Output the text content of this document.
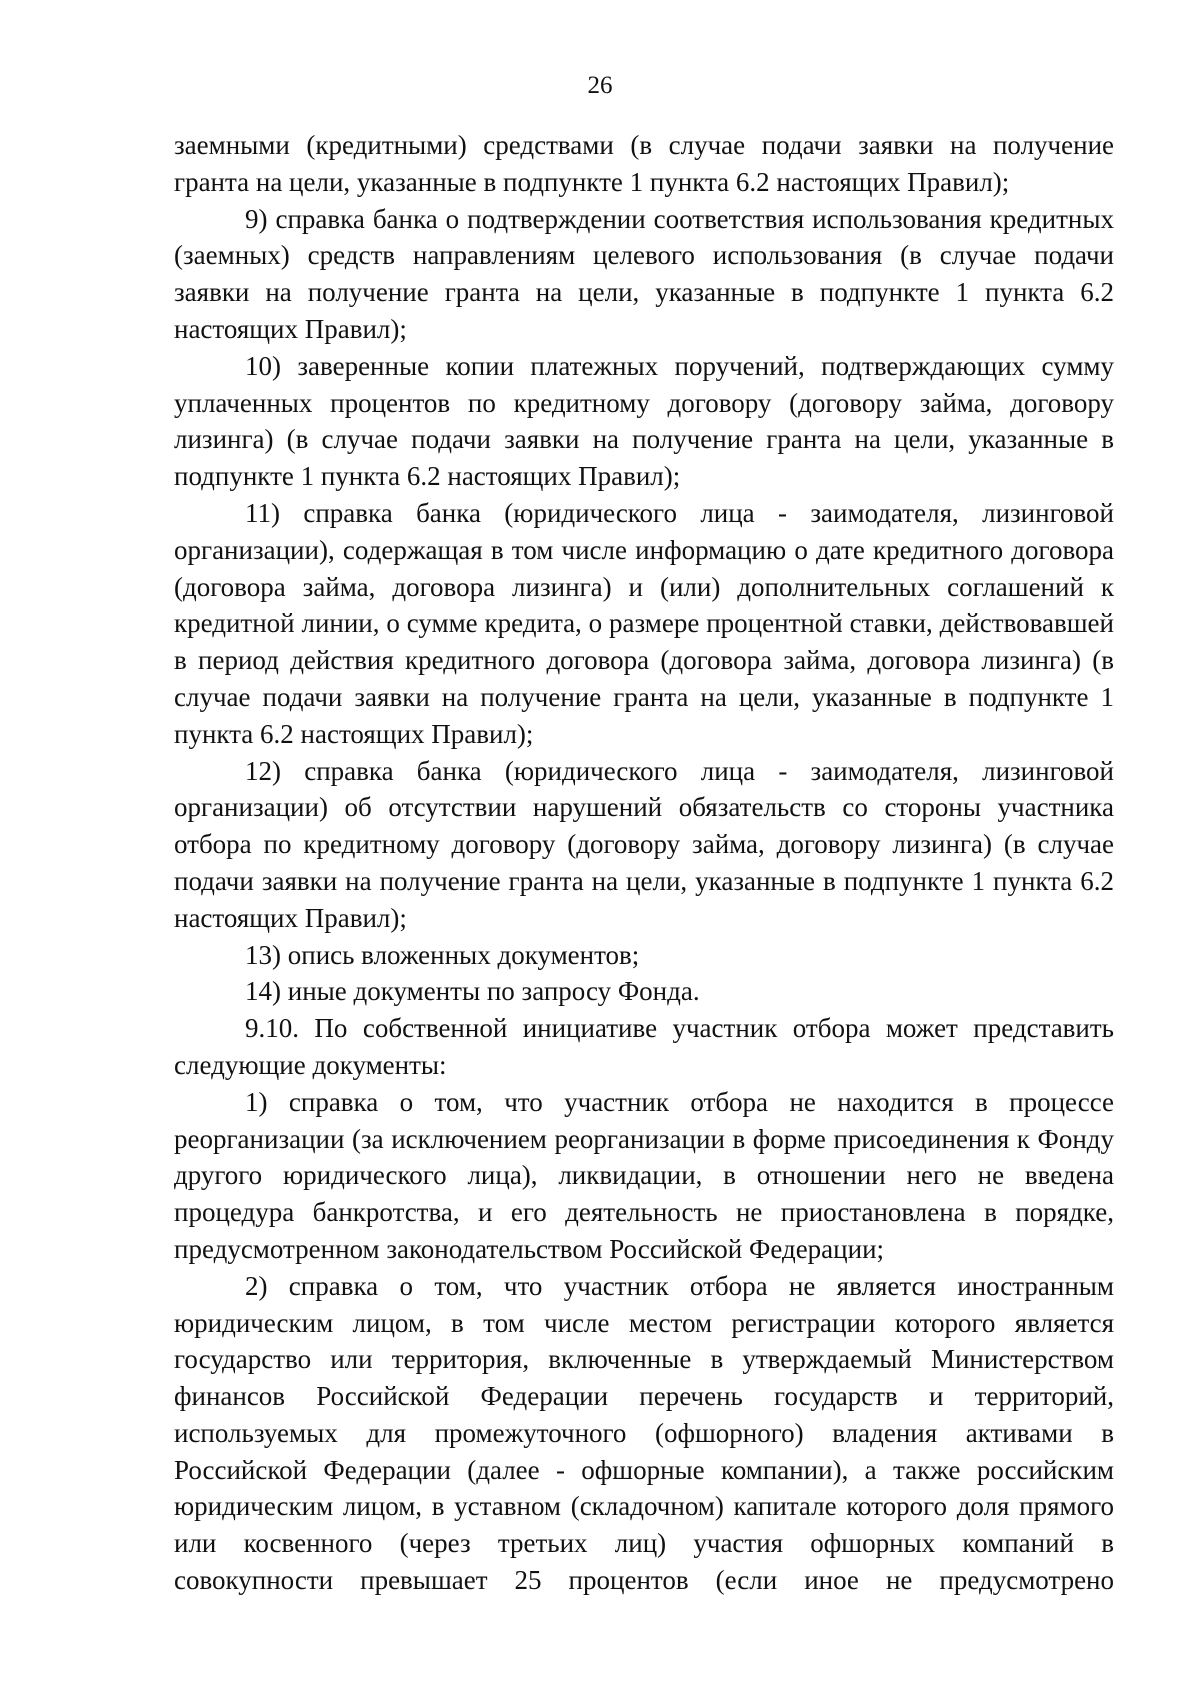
26

заемными (кредитными) средствами (в случае подачи заявки на получение гранта на цели, указанные в подпункте 1 пункта 6.2 настоящих Правил);

9) справка банка о подтверждении соответствия использования кредитных (заемных) средств направлениям целевого использования (в случае подачи заявки на получение гранта на цели, указанные в подпункте 1 пункта 6.2 настоящих Правил);

10) заверенные копии платежных поручений, подтверждающих сумму уплаченных процентов по кредитному договору (договору займа, договору лизинга) (в случае подачи заявки на получение гранта на цели, указанные в подпункте 1 пункта 6.2 настоящих Правил);

11) справка банка (юридического лица - заимодателя, лизинговой организации), содержащая в том числе информацию о дате кредитного договора (договора займа, договора лизинга) и (или) дополнительных соглашений к кредитной линии, о сумме кредита, о размере процентной ставки, действовавшей в период действия кредитного договора (договора займа, договора лизинга) (в случае подачи заявки на получение гранта на цели, указанные в подпункте 1 пункта 6.2 настоящих Правил);

12) справка банка (юридического лица - заимодателя, лизинговой организации) об отсутствии нарушений обязательств со стороны участника отбора по кредитному договору (договору займа, договору лизинга) (в случае подачи заявки на получение гранта на цели, указанные в подпункте 1 пункта 6.2 настоящих Правил);

13) опись вложенных документов;

14) иные документы по запросу Фонда.

9.10. По собственной инициативе участник отбора может представить следующие документы:

1) справка о том, что участник отбора не находится в процессе реорганизации (за исключением реорганизации в форме присоединения к Фонду другого юридического лица), ликвидации, в отношении него не введена процедура банкротства, и его деятельность не приостановлена в порядке, предусмотренном законодательством Российской Федерации;

2) справка о том, что участник отбора не является иностранным юридическим лицом, в том числе местом регистрации которого является государство или территория, включенные в утверждаемый Министерством финансов Российской Федерации перечень государств и территорий, используемых для промежуточного (офшорного) владения активами в Российской Федерации (далее - офшорные компании), а также российским юридическим лицом, в уставном (складочном) капитале которого доля прямого или косвенного (через третьих лиц) участия офшорных компаний в совокупности превышает 25 процентов (если иное не предусмотрено
